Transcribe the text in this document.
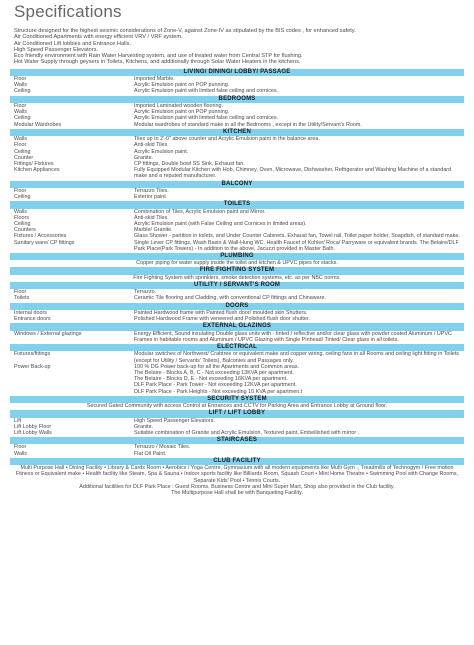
Specifications
Structure designed for the highest seismic considerations of Zone-V, against Zone-IV as stipulated by the BIS codes , for enhanced safety.
Air Conditioned Apartments with energy efficient VRV / VRF system.
Air Conditioned Lift lobbies and Entrance Halls.
High Speed Passenger Elevators.
Eco friendly environment with Rain Water Harvesting system, and use of treated water from Central STP for flushing.
Hot Water Supply through geysers in Toilets, Kitchens, and additionally through Solar Water Heaters in the kitchens.
LIVING/ DINING/ LOBBY/ PASSAGE
Floor	Imported Marble.
Walls	Acrylic Emulsion paint on POP punning.
Ceiling	Acrylic Emulsion paint with limited false ceiling and cornices.
BEDROOMS
Floor	Imported Laminated wooden flooring.
Walls	Acrylic Emulsion paint on POP punning.
Ceiling	Acrylic Emulsion paint with limited false ceiling and cornices.
Modular Wardrobes	Modular wardrobes of standard make in all the Bedrooms , except in the Utility/Servant's Room.
KITCHEN
Walls	Tiles up to 2'-0" above counter and Acrylic Emulsion paint in the balance area.
Floor	Anti-skid Tiles.
Ceiling	Acrylic Emulsion paint.
Counter	Granite.
Fittings/ Fixtures	CP fittings, Double bowl SS Sink, Exhaust fan.
Kitchen Appliances	Fully Equipped Modular Kitchen with Hob, Chimney, Oven, Microwave, Dishwasher, Refrigerator and Washing Machine of a standard make and a reputed manufacturer.
BALCONY
Floor	Terrazzo Tiles.
Ceiling	Exterior paint.
TOILETS
Walls	Combination of Tiles, Acrylic Emulsion paint and Mirror.
Floors	Anti-skid Tiles.
Ceiling	Acrylic Emulsion paint (with False Ceiling and Cornices in limited areas).
Counters	Marble/ Granite.
Fixtures / Accessories	Glass Shower - partition in toilets, and Under Counter Cabinets. Exhaust fan, Towel rail, Toilet paper holder, Soapdish, of standard make.
Sanitary ware/ CP fittings	Single Lever CP fittings, Wash Basin & Wall-Hung WC. Health Faucet of Kohler/ Roca/ Parryware or equivalent brands. The Belaire/DLF Park Place(Park Towers) - In addition to the above, Jacuzzi provided in Master Bath.
PLUMBING
Copper piping for water supply inside the toilet and kitchen & UPVC pipes for stacks.
FIRE FIGHTING SYSTEM
Fire Fighting System with sprinklers, smoke detection systems, etc. as per NBC norms.
UTILITY / SERVANT'S ROOM
Floor	Terrazzo.
Toilets	Ceramic Tile flooring and Cladding, with conventional CP fittings and Chinaware.
DOORS
Internal doors	Painted Hardwood frame with Painted flush door/ moulded skin Shutters.
Entrance doors	Polished Hardwood Frame with veneered and Polished flush door shutter.
EXTERNAL GLAZINGS
Windows / External glazings	Energy Efficient, Sound insulating Double glass units with - tinted / reflective and/or clear glass with powder coated Aluminum / UPVC Frames in habitable rooms and Aluminum / UPVC Glazing with Single Pinhead/ Tinted/ Clear glass in all toilets.
ELECTRICAL
Fixtures/fittings	Modular switches of Northwest/ Crabtree or equivalent make and copper wiring, ceiling fans in all Rooms and ceiling light fitting in Toilets (except for Utility / Servants' Toilets), Balconies and Passages only.
Power Back-up	100 % DG Power back-up for all the Apartments and Common areas.
The Belaire - Blocks A, B, C - Not exceeding 13KVA per apartment.
The Belaire - Blocks D, E - Not exceeding 16KVA per apartment.
DLF Park Place - Park Tower - Not exceeding 12KVA per apartment.
DLF Park Place - Park Heights - Not exceeding 10 KVA per apartmen.t
SECURITY SYSTEM
Secured Gated Community with access Control at Entrances and CCTV for Parking Area and Entrance Lobby at Ground floor.
LIFT / LIFT LOBBY
Lift	High Speed Passenger Elevators.
Lift Lobby Floor	Granite.
Lift Lobby Walls	Suitable combination of Granite and Acrylic Emulsion, Textured paint, Embellished with mirror .
STAIRCASES
Floor	Terrazzo / Mosaic Tiles.
Walls	Flat Oil Paint.
CLUB FACILITY
Multi Purpose Hall • Dining Facility • Library & Cards Room • Aerobics / Yoga Centre, Gymnasium with all modern equipments like Multi Gym ., Treadmills of Technogym / Free motion Fitness or Equivalent make • Health facility like Steam, Spa & Sauna • Indoor sports facility like Billiards Room, Squash Court • Mini Home Theatre • Swimming Pool with Change Rooms, Separate Kids' Pool • Tennis Courts.
Additional facilities for DLF Park Place : Guest Rooms, Business Centre and Mini Super Mart, Shop also provided in the Club facility.
The Multipurpose Hall shall be with Banqueting Facility.
